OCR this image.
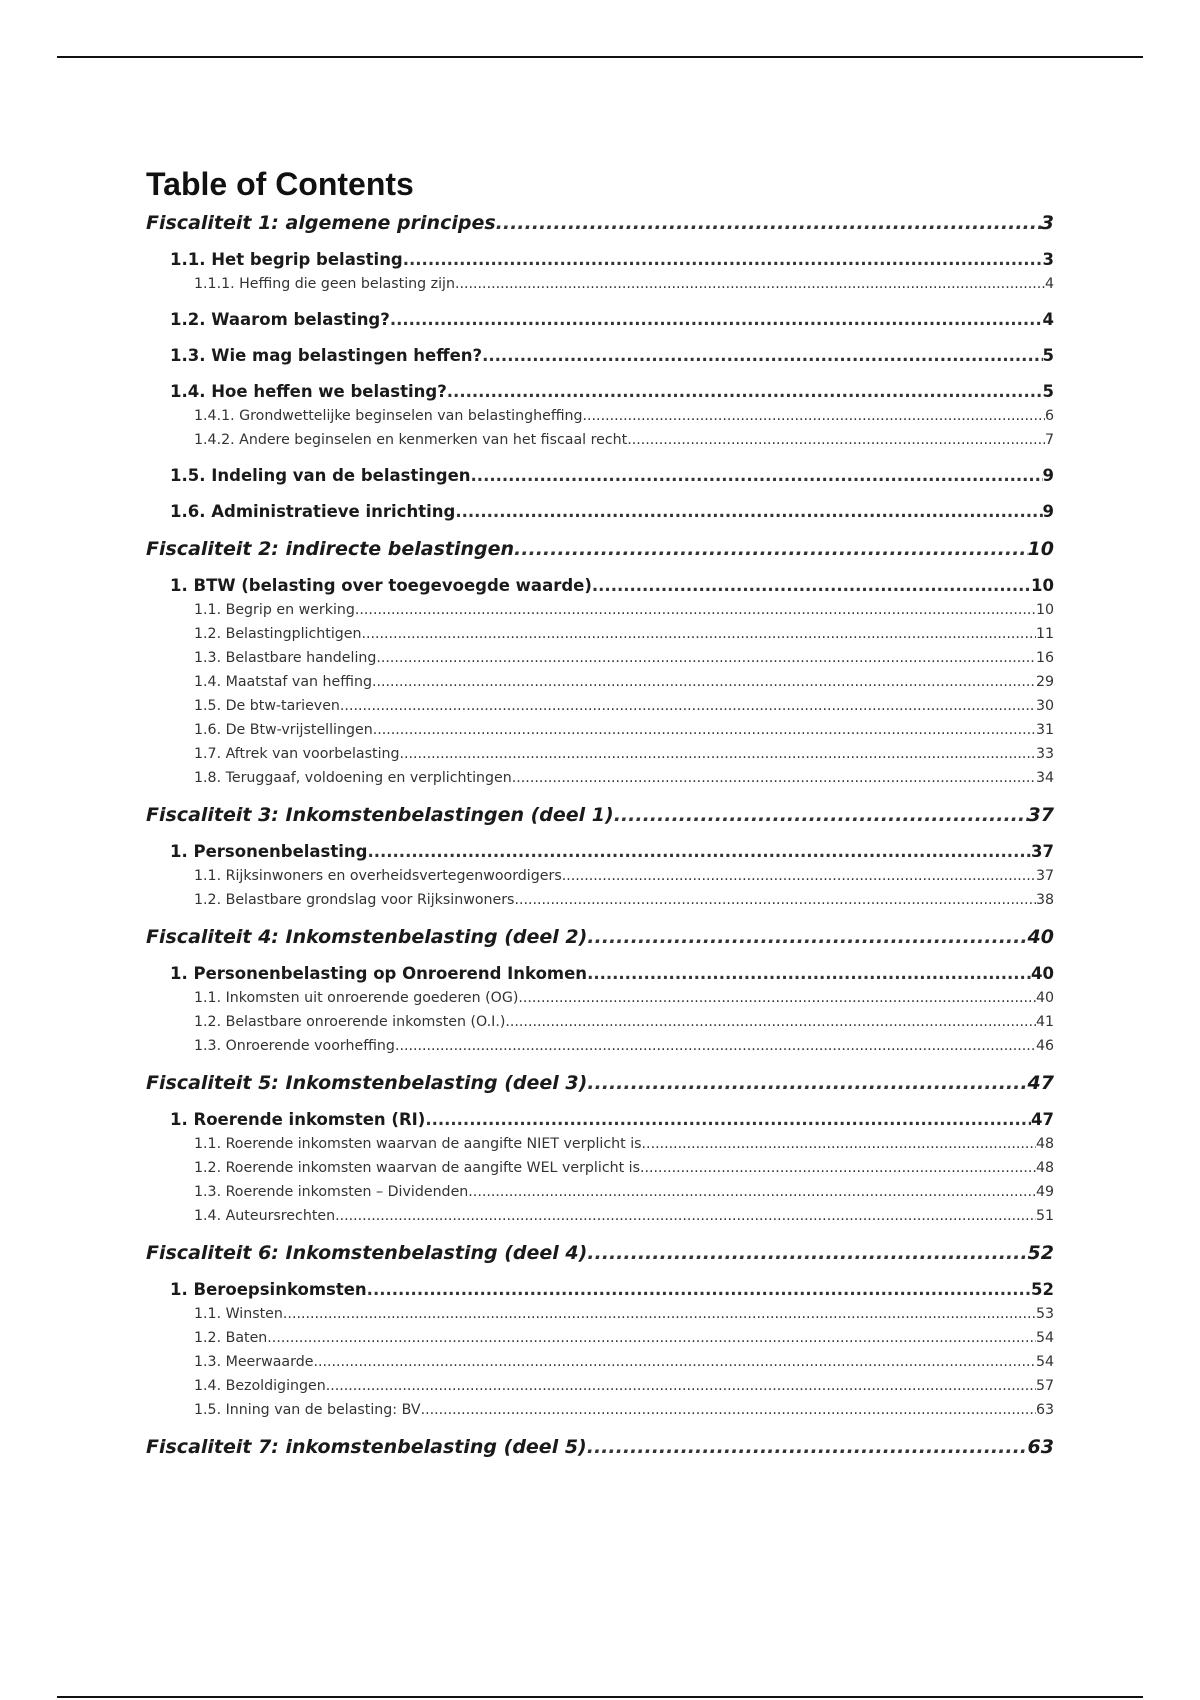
Table of Contents
Fiscaliteit 1: algemene principes .....	3
1.1. Het begrip belasting .....	3
1.1.1. Heffing die geen belasting zijn .....	4
1.2. Waarom belasting? .....	4
1.3. Wie mag belastingen heffen? .....	5
1.4. Hoe heffen we belasting? .....	5
1.4.1. Grondwettelijke beginselen van belastingheffing .....	6
1.4.2. Andere beginselen en kenmerken van het fiscaal recht .....	7
1.5. Indeling van de belastingen .....	9
1.6. Administratieve inrichting .....	9
Fiscaliteit 2: indirecte belastingen .....	10
1. BTW (belasting over toegevoegde waarde) .....	10
1.1. Begrip en werking .....	10
1.2. Belastingplichtigen .....	11
1.3. Belastbare handeling .....	16
1.4. Maatstaf van heffing .....	29
1.5. De btw-tarieven .....	30
1.6. De Btw-vrijstellingen .....	31
1.7. Aftrek van voorbelasting .....	33
1.8. Teruggaaf, voldoening en verplichtingen .....	34
Fiscaliteit 3: Inkomstenbelastingen (deel 1) .....	37
1. Personenbelasting .....	37
1.1. Rijksinwoners en overheidsvertegenwoordigers .....	37
1.2. Belastbare grondslag voor Rijksinwoners .....	38
Fiscaliteit 4: Inkomstenbelasting (deel 2) .....	40
1. Personenbelasting op Onroerend Inkomen .....	40
1.1. Inkomsten uit onroerende goederen (OG) .....	40
1.2. Belastbare onroerende inkomsten (O.I.) .....	41
1.3. Onroerende voorheffing .....	46
Fiscaliteit 5: Inkomstenbelasting (deel 3) .....	47
1. Roerende inkomsten (RI) .....	47
1.1. Roerende inkomsten waarvan de aangifte NIET verplicht is .....	48
1.2. Roerende inkomsten waarvan de aangifte WEL verplicht is .....	48
1.3. Roerende inkomsten – Dividenden .....	49
1.4. Auteursrechten .....	51
Fiscaliteit 6: Inkomstenbelasting (deel 4) .....	52
1. Beroepsinkomsten .....	52
1.1. Winsten .....	53
1.2. Baten .....	54
1.3. Meerwaarde .....	54
1.4. Bezoldigingen .....	57
1.5. Inning van de belasting: BV .....	63
Fiscaliteit 7: inkomstenbelasting (deel 5) .....	63
